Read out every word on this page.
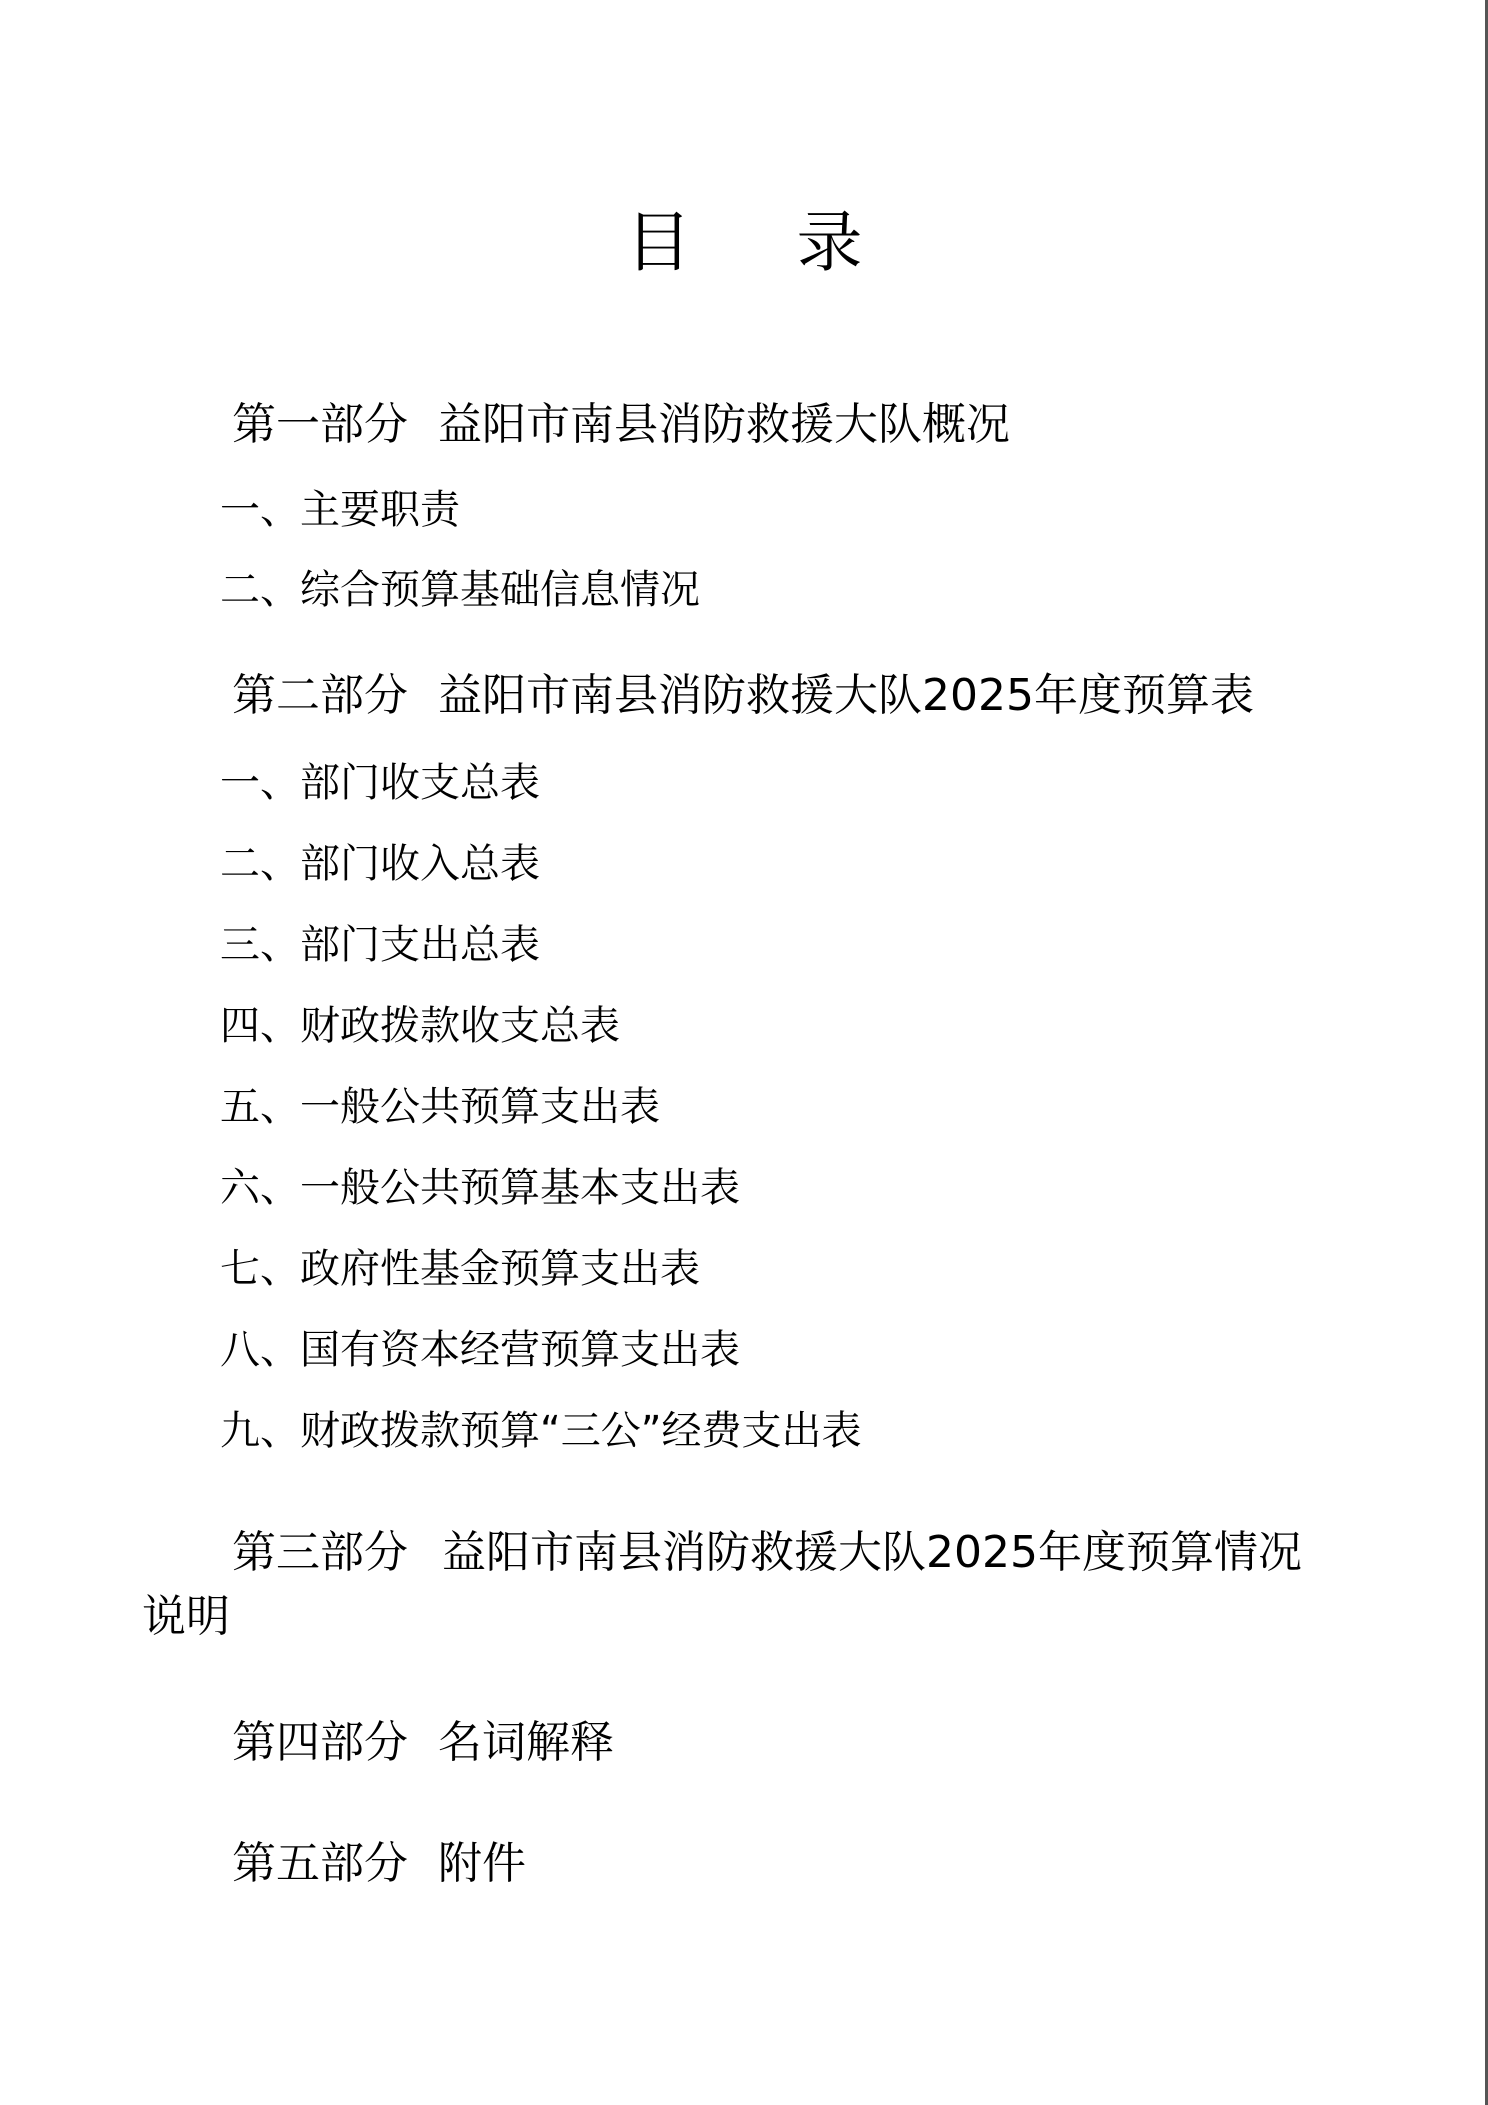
目 录
第一部分 益阳市南县消防救援大队概况
一、主要职责
二、综合预算基础信息情况
第二部分 益阳市南县消防救援大队2025年度预算表
一、部门收支总表
二、部门收入总表
三、部门支出总表
四、财政拨款收支总表
五、一般公共预算支出表
六、一般公共预算基本支出表
七、政府性基金预算支出表
八、国有资本经营预算支出表
九、财政拨款预算“三公”经费支出表
第三部分 益阳市南县消防救援大队2025年度预算情况
说明
第四部分 名词解释
第五部分 附件
